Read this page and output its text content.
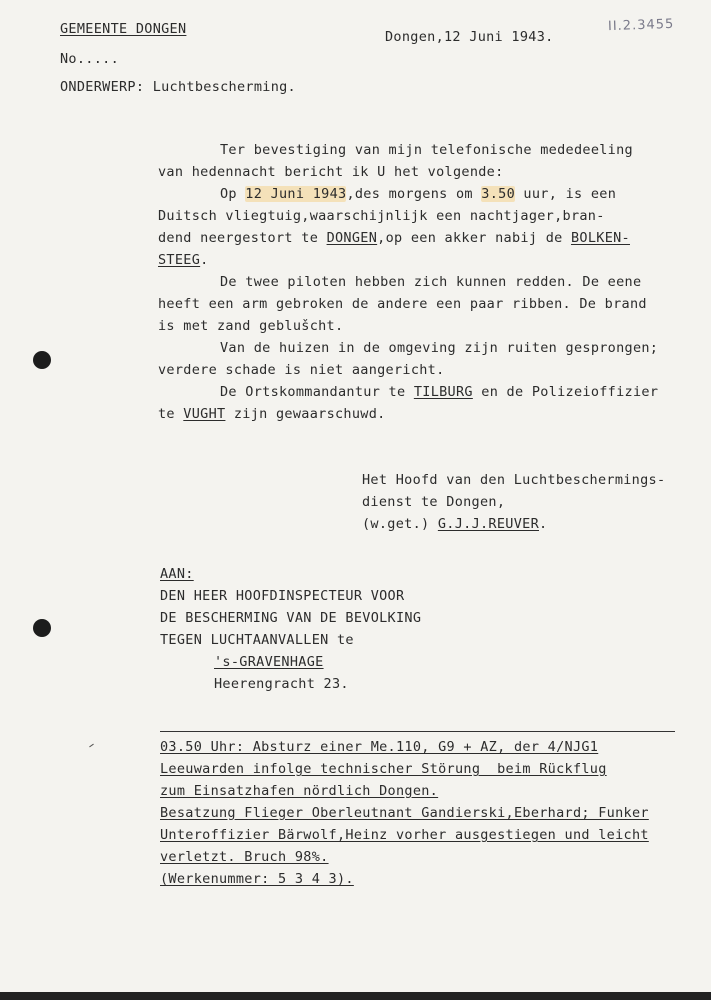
GEMEENTE DONGEN	Dongen,12 Juni 1943.
II.2.3455
No.....
ONDERWERP: Luchtbescherming.
Ter bevestiging van mijn telefonische mededeeling
van hedennacht bericht ik U het volgende:
Op 12 Juni 1943,des morgens om 3.50 uur, is een
Duitsch vliegtuig,waarschijnlijk een nachtjager,bran-
dend neergestort te DONGEN,op een akker nabij de BOLKEN-
STEEG.
De twee piloten hebben zich kunnen redden. De eene
heeft een arm gebroken de andere een paar ribben. De brand
is met zand geblušcht.
Van de huizen in de omgeving zijn ruiten gesprongen;
verdere schade is niet aangericht.
De Ortskommandantur te TILBURG en de Polizeioffizier
te VUGHT zijn gewaarschuwd.
Het Hoofd van den Luchtbeschermings-
dienst te Dongen,
(w.get.) G.J.J.REUVER.
AAN:
DEN HEER HOOFDINSPECTEUR VOOR
DE BESCHERMING VAN DE BEVOLKING
TEGEN LUCHTAANVALLEN te
's-GRAVENHAGE
Heerengracht 23.
03.50 Uhr: Absturz einer Me.110, G9 + AZ, der 4/NJG1
Leeuwarden infolge technischer Störung  beim Rückflug
zum Einsatzhafen nördlich Dongen.
Besatzung Flieger Oberleutnant Gandierski,Eberhard; Funker
Unteroffizier Bärwolf,Heinz vorher ausgestiegen und leicht
verletzt. Bruch 98%.
(Werkenummer: 5 3 4 3).
